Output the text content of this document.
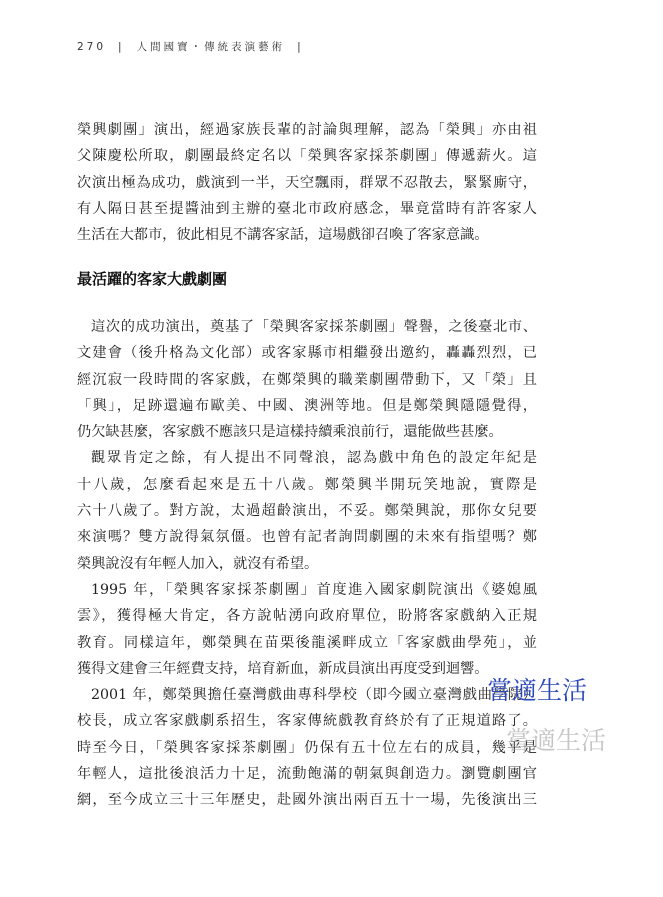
270 | 人間國寶・傳統表演藝術 |
榮興劇團」演出，經過家族長輩的討論與理解，認為「榮興」亦由祖
父陳慶松所取，劇團最終定名以「榮興客家採茶劇團」傳遞薪火。這
次演出極為成功，戲演到一半，天空飄雨，群眾不忍散去，緊緊廝守，
有人隔日甚至提醬油到主辦的臺北市政府感念，畢竟當時有許客家人
生活在大都市，彼此相見不講客家話，這場戲卻召喚了客家意識。
最活躍的客家大戲劇團
這次的成功演出，奠基了「榮興客家採茶劇團」聲譽，之後臺北市、
文建會（後升格為文化部）或客家縣市相繼發出邀約，轟轟烈烈，已
經沉寂一段時間的客家戲，在鄭榮興的職業劇團帶動下，又「榮」且
「興」，足跡還遍布歐美、中國、澳洲等地。但是鄭榮興隱隱覺得，
仍欠缺甚麼，客家戲不應該只是這樣持續乘浪前行，還能做些甚麼。
觀眾肯定之餘，有人提出不同聲浪，認為戲中角色的設定年紀是
十八歲，怎麼看起來是五十八歲。鄭榮興半開玩笑地說，實際是
六十八歲了。對方說，太過超齡演出，不妥。鄭榮興說，那你女兒要
來演嗎？雙方說得氣氛僵。也曾有記者詢問劇團的未來有指望嗎？鄭
榮興說沒有年輕人加入，就沒有希望。
1995 年，「榮興客家採茶劇團」首度進入國家劇院演出《婆媳風
雲》，獲得極大肯定，各方說帖湧向政府單位，盼將客家戲納入正規
教育。同樣這年，鄭榮興在苗栗後龍溪畔成立「客家戲曲學苑」，並
獲得文建會三年經費支持，培育新血，新成員演出再度受到迴響。
2001 年，鄭榮興擔任臺灣戲曲專科學校（即今國立臺灣戲曲學院）
校長，成立客家戲劇系招生，客家傳統戲教育終於有了正規道路了。
時至今日，「榮興客家採茶劇團」仍保有五十位左右的成員，幾乎是
年輕人，這批後浪活力十足，流動飽滿的朝氣與創造力。瀏覽劇團官
網，至今成立三十三年歷史，赴國外演出兩百五十一場，先後演出三
嘗適生活
嘗適生活
